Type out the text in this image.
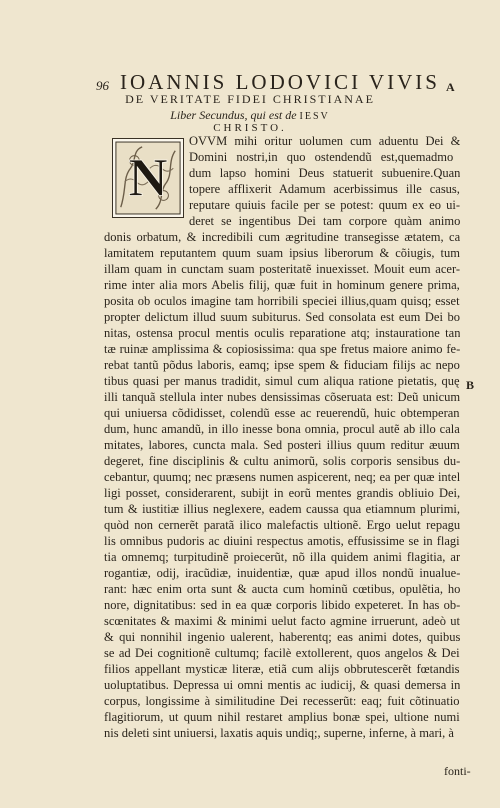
96 IOANNIS LODOVICI VIVIS A
B
DE VERITATE FIDEI CHRISTIANAE
Liber Secundus, qui est de IESV
CHRISTO.
N
OVVM mihi oritur uolumen cum aduentu Dei &
Domini nostri,in quo ostendendũ est,quemadmo
dum lapso homini Deus statuerit subuenire.Quan
topere afflixerit Adamum acerbissimus ille casus,
reputare quiuis facile per se potest: quum ex eo ui-
deret se ingentibus Dei tam corpore quàm animo
donis orbatum, & incredibili cum ægritudine transegisse ætatem, ca
lamitatem reputantem quum suam ipsius liberorum & cõiugis, tum
illam quam in cunctam suam posteritatẽ inuexisset. Mouit eum acer-
rime inter alia mors Abelis filij, quæ fuit in hominum genere prima,
posita ob oculos imagine tam horribili speciei illius,quam quisq; esset
propter delictum illud suum subiturus. Sed consolata est eum Dei bo
nitas, ostensa procul mentis oculis reparatione atq; instauratione tan
tæ ruinæ amplissima & copiosissima: qua spe fretus maiore animo fe-
rebat tantũ põdus laboris, eamq; ipse spem & fiduciam filijs ac nepo
tibus quasi per manus tradidit, simul cum aliqua ratione pietatis, quę
illi tanquã stellula inter nubes densissimas cõseruata est: Deũ unicum
qui uniuersa cõdidisset, colendũ esse ac reuerendũ, huic obtemperan
dum, hunc amandũ, in illo inesse bona omnia, procul autẽ ab illo cala
mitates, labores, cuncta mala. Sed posteri illius quum reditur æuum
degeret, fine disciplinis & cultu animorũ, solis corporis sensibus du-
cebantur, quumq; nec præsens numen aspicerent, neq; ea per quæ intel
ligi posset, considerarent, subijt in eorũ mentes grandis obliuio Dei,
tum & iustitiæ illius neglexere, eadem caussa qua etiamnum plurimi,
quòd non cernerẽt paratã ilico malefactis ultionẽ. Ergo uelut repagu
lis omnibus pudoris ac diuini respectus amotis, effusissime se in flagi
tia omnemq; turpitudinẽ proiecerũt, nõ illa quidem animi flagitia, ar
rogantiæ, odij, iracũdiæ, inuidentiæ, quæ apud illos nondũ inualue-
rant: hæc enim orta sunt & aucta cum hominũ cœtibus, opulẽtia, ho
nore, dignitatibus: sed in ea quæ corporis libido expeteret. In has ob-
scœnitates & maximi & minimi uelut facto agmine irruerunt, adeò ut
& qui nonnihil ingenio ualerent, haberentq; eas animi dotes, quibus
se ad Dei cognitionẽ cultumq; facilè extollerent, quos angelos & Dei
filios appellant mysticæ literæ, etiã cum alijs obbrutescerẽt fœtandis
uoluptatibus. Depressa ui omni mentis ac iudicij, & quasi demersa in
corpus, longissime à similitudine Dei recesserũt: eaq; fuit cõtinuatio
flagitiorum, ut quum nihil restaret amplius bonæ spei, ultione numi
nis deleti sint uniuersi, laxatis aquis undiq;, superne, inferne, à mari, à
fonti-
